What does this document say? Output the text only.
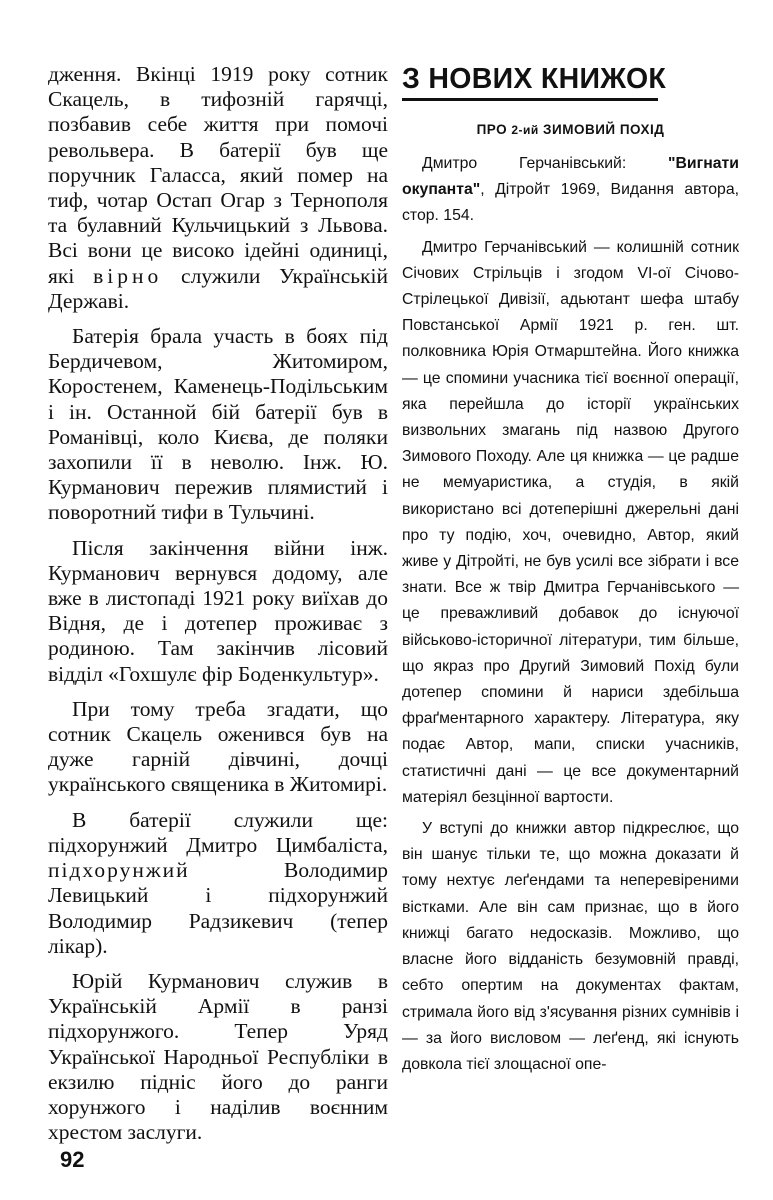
дження. Вкінці 1919 року сотник Скацель, в тифозній гарячці, позбавив себе життя при помочі револьвера. В батерії був ще поручник Галасса, який помер на тиф, чотар Остап Огар з Тернополя та булавний Кульчицький з Львова. Всі вони це високо ідейні одиниці, які вірно служили Українській Державі.

Батерія брала участь в боях під Бердичевом, Житомиром, Коростенем, Каменець-Подільським і ін. Останной бій батерії був в Романівці, коло Києва, де поляки захопили її в неволю. Інж. Ю. Курманович пережив плямистий і поворотний тифи в Тульчині.

Після закінчення війни інж. Курманович вернувся додому, але вже в листопаді 1921 року виїхав до Відня, де і дотепер проживає з родиною. Там закінчив лісовий відділ «Гохшулє фір Боденкультур».

При тому треба згадати, що сотник Скацель оженився був на дуже гарній дівчині, дочці українського священика в Житомирі.

В батерії служили ще: підхорунжий Дмитро Цимбаліста, підхорунжий Володимир Левицький і підхорунжий Володимир Радзикевич (тепер лікар).

Юрій Курманович служив в Українській Армії в ранзі підхорунжого. Тепер Уряд Української Народньої Республіки в екзилю підніс його до ранги хорунжого і наділив воєнним хрестом заслуги.

З НОВИХ КНИЖОК
ПРО 2-ий ЗИМОВИЙ ПОХІД

Дмитро Герчанівський: "Вигнати окупанта", Дітройт 1969, Видання автора, стор. 154.

Дмитро Герчанівський — колишній сотник Січових Стрільців і згодом VI-ої Січово-Стрілецької Дивізії, адьютант шефа штабу Повстанської Армії 1921 р. ген. шт. полковника Юрія Отмарштейна. Його книжка — це спомини учасника тієї воєнної операції, яка перейшла до історії українських визвольних змагань під назвою Другого Зимового Походу. Але ця книжка — це радше не мемуаристика, а студія, в якій використано всі дотеперішні джерельні дані про ту подію, хоч, очевидно, Автор, який живе у Дітройті, не був усилі все зібрати і все знати. Все ж твір Дмитра Герчанівського — це преважливий добавок до існуючої військово-історичної літератури, тим більше, що якраз про Другий Зимовий Похід були дотепер спомини й нариси здебільша фраґментарного характеру. Література, яку подає Автор, мапи, списки учасників, статистичні дані — це все документарний матеріял безцінної вартости.

У вступі до книжки автор підкреслює, що він шанує тільки те, що можна доказати й тому нехтує леґендами та неперевіреними вістками. Але він сам признає, що в його книжці багато недосказів. Можливо, що власне його відданість безумовній правді, себто опертим на документах фактам, стримала його від з'ясування різних сумнівів і — за його висловом — леґенд, які існують довкола тієї злощасної опе-

92
